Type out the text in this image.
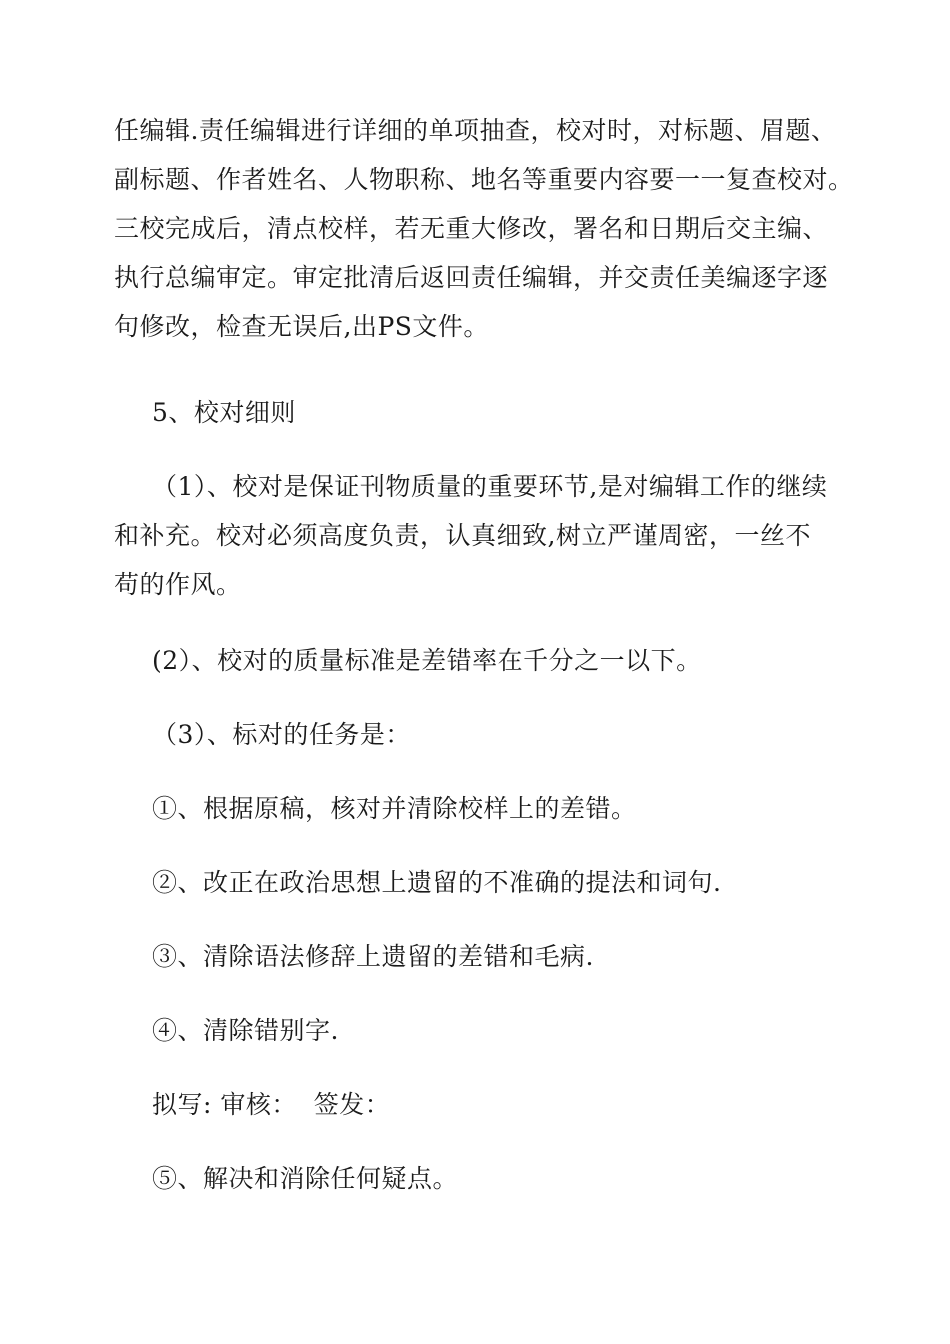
任编辑.责任编辑进行详细的单项抽查，校对时，对标题、眉题、
副标题、作者姓名、人物职称、地名等重要内容要一一复查校对。
三校完成后，清点校样，若无重大修改，署名和日期后交主编、
执行总编审定。审定批清后返回责任编辑，并交责任美编逐字逐
句修改，检查无误后,出PS文件。
5、校对细则
（1）、校对是保证刊物质量的重要环节,是对编辑工作的继续
和补充。校对必须高度负责，认真细致,树立严谨周密，一丝不
苟的作风。
(2）、校对的质量标准是差错率在千分之一以下。
（3）、标对的任务是：
①、根据原稿，核对并清除校样上的差错。
②、改正在政治思想上遗留的不准确的提法和词句.
③、清除语法修辞上遗留的差错和毛病.
④、清除错别字.
拟写: 审核：  签发：
⑤、解决和消除任何疑点。
